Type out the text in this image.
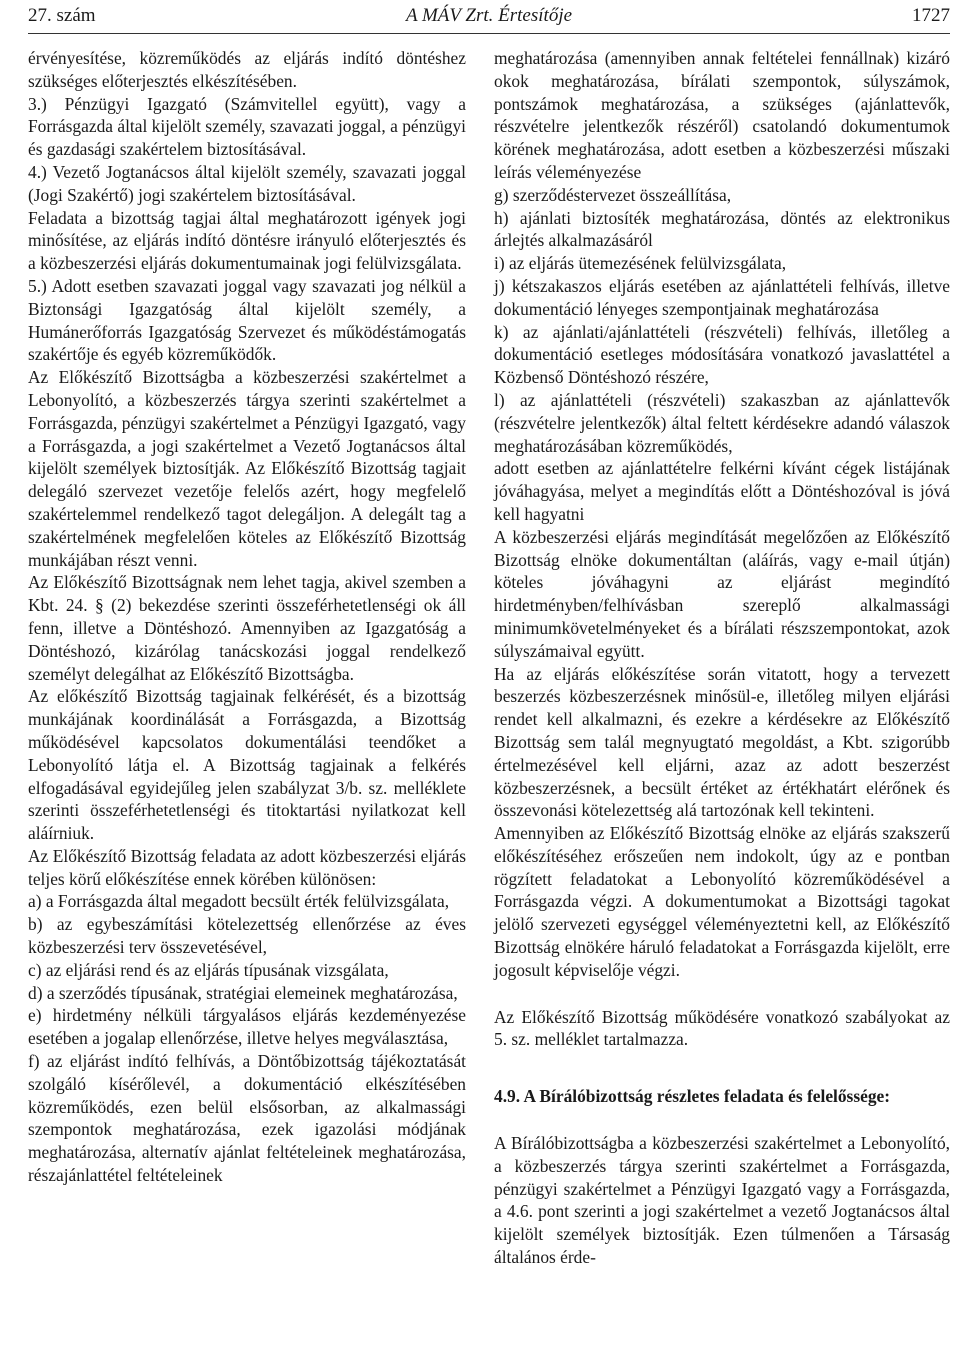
27. szám	A MÁV Zrt. Értesítője	1727

érvényesítése, közreműködés az eljárás indító döntéshez szükséges előterjesztés elkészítésében.

3.) Pénzügyi Igazgató (Számvitellel együtt), vagy a Forrásgazda által kijelölt személy, szavazati joggal, a pénzügyi és gazdasági szakértelem biztosításával.

4.) Vezető Jogtanácsos által kijelölt személy, szavazati joggal (Jogi Szakértő) jogi szakértelem biztosításával.

Feladata a bizottság tagjai által meghatározott igények jogi minősítése, az eljárás indító döntésre irányuló előterjesztés és a közbeszerzési eljárás dokumentumainak jogi felülvizsgálata.

5.) Adott esetben szavazati joggal vagy szavazati jog nélkül a Biztonsági Igazgatóság által kijelölt személy, a Humánerőforrás Igazgatóság Szervezet és működéstámogatás szakértője és egyéb közreműködők.

Az Előkészítő Bizottságba a közbeszerzési szakértelmet a Lebonyolító, a közbeszerzés tárgya szerinti szakértelmet a Forrásgazda, pénzügyi szakértelmet a Pénzügyi Igazgató, vagy a Forrásgazda, a jogi szakértelmet a Vezető Jogtanácsos által kijelölt személyek biztosítják. Az Előkészítő Bizottság tagjait delegáló szervezet vezetője felelős azért, hogy megfelelő szakértelemmel rendelkező tagot delegáljon. A delegált tag a szakértelmének megfelelően köteles az Előkészítő Bizottság munkájában részt venni.

Az Előkészítő Bizottságnak nem lehet tagja, akivel szemben a Kbt. 24. § (2) bekezdése szerinti összeférhetetlenségi ok áll fenn, illetve a Döntéshozó. Amennyiben az Igazgatóság a Döntéshozó, kizárólag tanácskozási joggal rendelkező személyt delegálhat az Előkészítő Bizottságba.

Az előkészítő Bizottság tagjainak felkérését, és a bizottság munkájának koordinálását a Forrásgazda, a Bizottság működésével kapcsolatos dokumentálási teendőket a Lebonyolító látja el. A Bizottság tagjainak a felkérés elfogadásával egyidejűleg jelen szabályzat 3/b. sz. melléklete szerinti összeférhetetlenségi és titoktartási nyilatkozat kell aláírniuk.

Az Előkészítő Bizottság feladata az adott közbeszerzési eljárás teljes körű előkészítése ennek körében különösen:

a) a Forrásgazda által megadott becsült érték felülvizsgálata,

b) az egybeszámítási kötelezettség ellenőrzése az éves közbeszerzési terv összevetésével,

c) az eljárási rend és az eljárás típusának vizsgálata,

d) a szerződés típusának, stratégiai elemeinek meghatározása,

e) hirdetmény nélküli tárgyalásos eljárás kezdeményezése esetében a jogalap ellenőrzése, illetve helyes megválasztása,

f) az eljárást indító felhívás, a Döntőbizottság tájékoztatását szolgáló kísérőlevél, a dokumentáció elkészítésében közreműködés, ezen belül elsősorban, az alkalmassági szempontok meghatározása, ezek igazolási módjának meghatározása, alternatív ajánlat feltételeinek meghatározása, részajánlattétel feltételeinek

meghatározása (amennyiben annak feltételei fennállnak) kizáró okok meghatározása, bírálati szempontok, súlyszámok, pontszámok meghatározása, a szükséges (ajánlattevők, részvételre jelentkezők részéről) csatolandó dokumentumok körének meghatározása, adott esetben a közbeszerzési műszaki leírás véleményezése

g) szerződéstervezet összeállítása,

h) ajánlati biztosíték meghatározása, döntés az elektronikus árlejtés alkalmazásáról

i) az eljárás ütemezésének felülvizsgálata,

j) kétszakaszos eljárás esetében az ajánlattételi felhívás, illetve dokumentáció lényeges szempontjainak meghatározása

k) az ajánlati/ajánlattételi (részvételi) felhívás, illetőleg a dokumentáció esetleges módosítására vonatkozó javaslattétel a Közbenső Döntéshozó részére,

l) az ajánlattételi (részvételi) szakaszban az ajánlattevők (részvételre jelentkezők) által feltett kérdésekre adandó válaszok meghatározásában közreműködés,

adott esetben az ajánlattételre felkérni kívánt cégek listájának jóváhagyása, melyet a megindítás előtt a Döntéshozóval is jóvá kell hagyatni

A közbeszerzési eljárás megindítását megelőzően az Előkészítő Bizottság elnöke dokumentáltan (aláírás, vagy e-mail útján) köteles jóváhagyni az eljárást megindító hirdetményben/felhívásban szereplő alkalmassági minimumkövetelményeket és a bírálati részszempontokat, azok súlyszámaival együtt.

Ha az eljárás előkészítése során vitatott, hogy a tervezett beszerzés közbeszerzésnek minősül-e, illetőleg milyen eljárási rendet kell alkalmazni, és ezekre a kérdésekre az Előkészítő Bizottság sem talál megnyugtató megoldást, a Kbt. szigorúbb értelmezésével kell eljárni, azaz az adott beszerzést közbeszerzésnek, a becsült értéket az értékhatárt elérőnek és összevonási kötelezettség alá tartozónak kell tekinteni.

Amennyiben az Előkészítő Bizottság elnöke az eljárás szakszerű előkészítéséhez erőszeűen nem indokolt, úgy az e pontban rögzített feladatokat a Lebonyolító közreműködésével a Forrásgazda végzi. A dokumentumokat a Bizottsági tagokat jelölő szervezeti egységgel véleményeztetni kell, az Előkészítő Bizottság elnökére háruló feladatokat a Forrásgazda kijelölt, erre jogosult képviselője végzi.

Az Előkészítő Bizottság működésére vonatkozó szabályokat az 5. sz. melléklet tartalmazza.

4.9. A Bírálóbizottság részletes feladata és felelőssége:

A Bírálóbizottságba a közbeszerzési szakértelmet a Lebonyolító, a közbeszerzés tárgya szerinti szakértelmet a Forrásgazda, pénzügyi szakértelmet a Pénzügyi Igazgató vagy a Forrásgazda, a 4.6. pont szerinti a jogi szakértelmet a vezető Jogtanácsos által kijelölt személyek biztosítják. Ezen túlmenően a Társaság általános érde-
